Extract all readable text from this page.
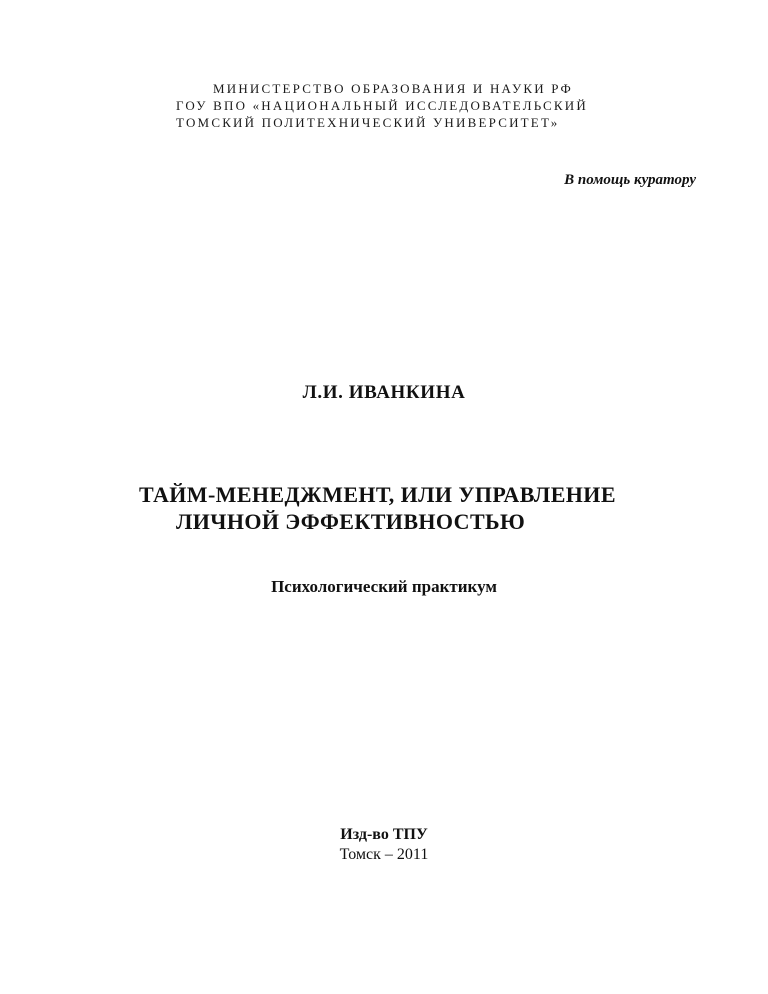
МИНИСТЕРСТВО ОБРАЗОВАНИЯ И НАУКИ РФ
ГОУ ВПО «НАЦИОНАЛЬНЫЙ ИССЛЕДОВАТЕЛЬСКИЙ
ТОМСКИЙ ПОЛИТЕХНИЧЕСКИЙ УНИВЕРСИТЕТ»
В помощь куратору
Л.И. ИВАНКИНА
ТАЙМ-МЕНЕДЖМЕНТ, ИЛИ УПРАВЛЕНИЕ
ЛИЧНОЙ ЭФФЕКТИВНОСТЬЮ
Психологический практикум
Изд-во ТПУ
Томск – 2011
